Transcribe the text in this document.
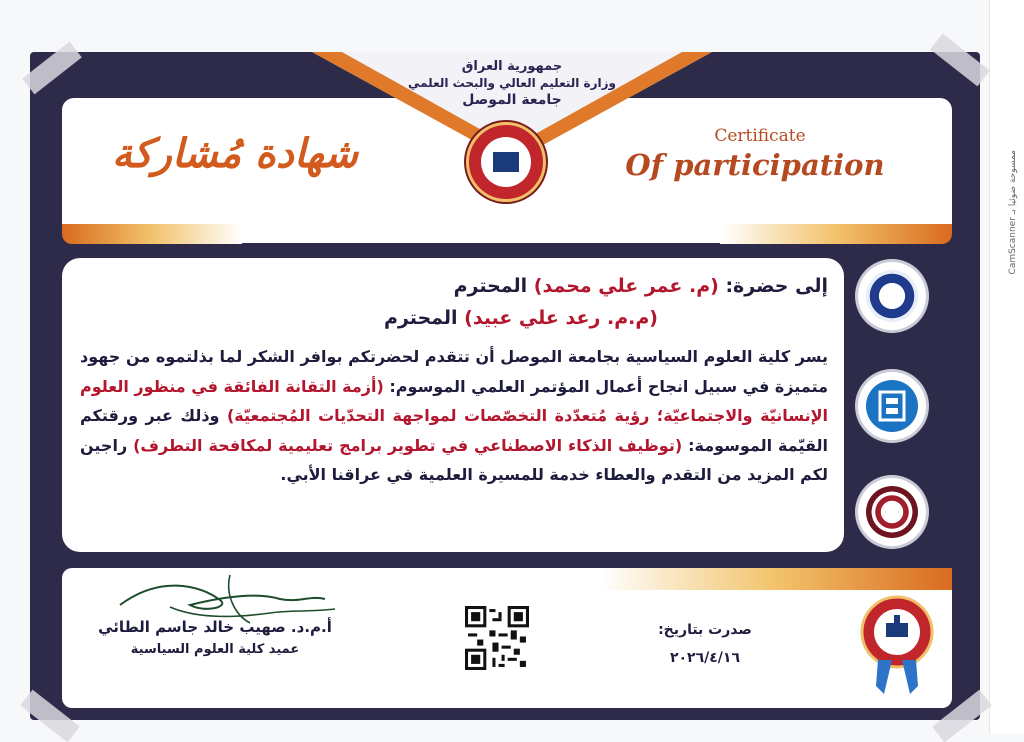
CamScanner ممسوحة ضوئيا بـ
جمهورية العراق
وزارة التعليم العالي والبحث العلمي
جامعة الموصل
شهادة مُشاركة	Certificate
Of participation
إلى حضرة: (م. عمر علي محمد) المحترم
(م.م. رعد علي عبيد) المحترم

يسر كلية العلوم السياسية بجامعة الموصل أن تتقدم لحضرتكم بوافر الشكر لما بذلتموه من جهود متميزة في سبيل انجاح أعمال المؤتمر العلمي الموسوم: (أزمة التقانة الفائقة في منظور العلوم الإنسانيّة والاجتماعيّة؛ رؤية مُتعدّدة التخصّصات لمواجهة التحدّيات المُجتمعيّة) وذلك عبر ورقتكم القيّمة الموسومة: (توظيف الذكاء الاصطناعي في تطوير برامج تعليمية لمكافحة التطرف) راجين لكم المزيد من التقدم والعطاء خدمة للمسيرة العلمية في عراقنا الأبي.

أ.م.د. صهيب خالد جاسم الطائي
عميد كلية العلوم السياسية
صدرت بتاريخ:
٢٠٢٦/٤/١٦
